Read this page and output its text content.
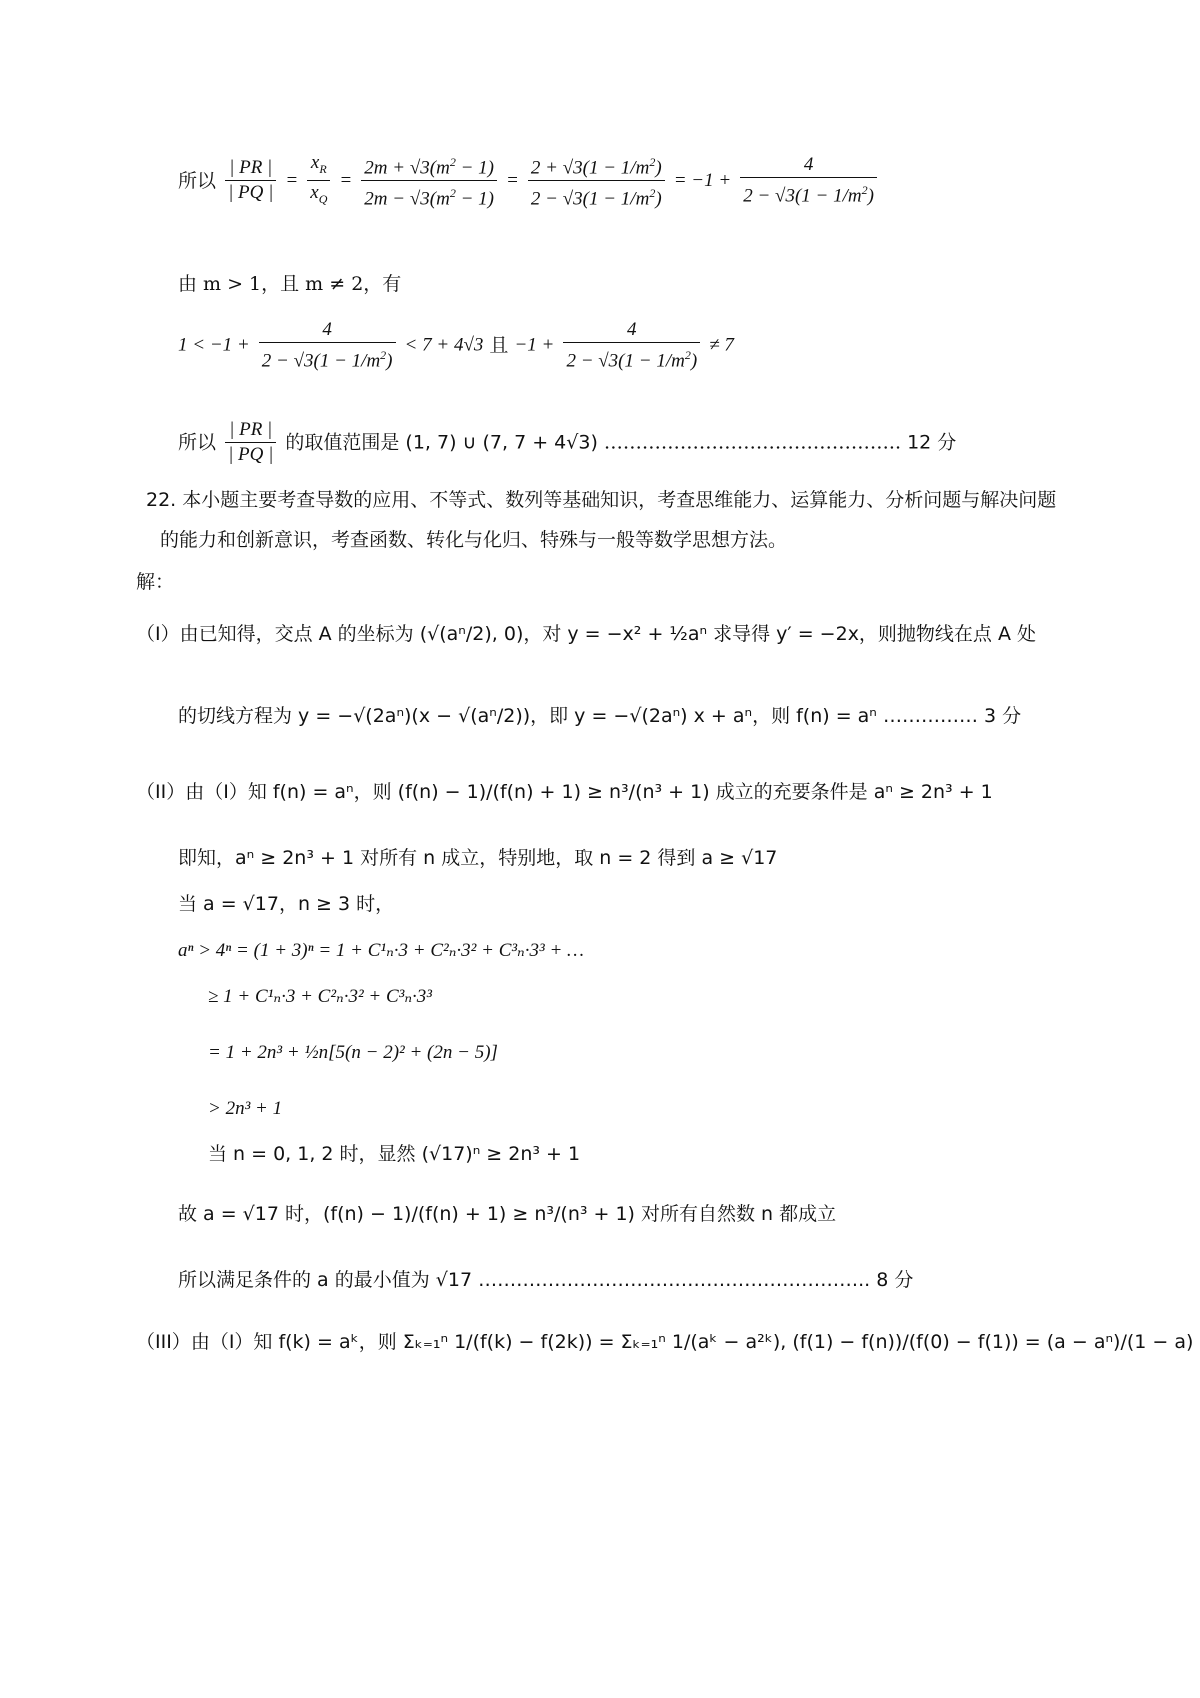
所以 $\frac{| PR |}{| PQ |} = \frac{x_R}{x_Q} = \frac{2m + √3(m^2 - 1)}{2m - √3(m^2 - 1)} = \frac{2 + √3(1 - 1/m^2)}{2 - √3(1 - 1/m^2)} = -1 + \frac{4}{2 - √3(1 - 1/m^2)}$
由 m > 1，且 m ≠ 2，有
$1 < -1 + \frac{4}{2 - √3(1 - 1/m^2)} < 7 + 4√3$ 且 $-1 + \frac{4}{2 - √3(1 - 1/m^2)} \ne 7$
所以 $\frac{| PR |}{| PQ |}$ 的取值范围是 (1, 7) ∪ (7, 7 + 4√3) ……………………………………….. 12 分
22. 本小题主要考查导数的应用、不等式、数列等基础知识，考查思维能力、运算能力、分析问题与解决问题的能力和创新意识，考查函数、转化与化归、特殊与一般等数学思想方法。
解：
（I）由已知得，交点 A 的坐标为 (√(aⁿ/2), 0)，对 y = −x² + ½aⁿ 求导得 y′ = −2x，则抛物线在点 A 处
的切线方程为 y = −√(2aⁿ)(x − √(aⁿ/2))，即 y = −√(2aⁿ) x + aⁿ，则 f(n) = aⁿ …………… 3 分
（II）由（I）知 f(n) = aⁿ，则 (f(n) − 1)/(f(n) + 1) ≥ n³/(n³ + 1) 成立的充要条件是 aⁿ ≥ 2n³ + 1
即知，aⁿ ≥ 2n³ + 1 对所有 n 成立，特别地，取 n = 2 得到 a ≥ √17
当 a = √17，n ≥ 3 时，
aⁿ > 4ⁿ = (1 + 3)ⁿ = 1 + C¹ₙ·3 + C²ₙ·3² + C³ₙ·3³ + …
≥ 1 + C¹ₙ·3 + C²ₙ·3² + C³ₙ·3³
= 1 + 2n³ + ½n[5(n − 2)² + (2n − 5)]
> 2n³ + 1
当 n = 0, 1, 2 时，显然 (√17)ⁿ ≥ 2n³ + 1
故 a = √17 时，(f(n) − 1)/(f(n) + 1) ≥ n³/(n³ + 1) 对所有自然数 n 都成立
所以满足条件的 a 的最小值为 √17 …………………………………………………….. 8 分
（III）由（I）知 f(k) = aᵏ，则 Σₖ₌₁ⁿ 1/(f(k) − f(2k)) = Σₖ₌₁ⁿ 1/(aᵏ − a²ᵏ), (f(1) − f(n))/(f(0) − f(1)) = (a − aⁿ)/(1 − a)
